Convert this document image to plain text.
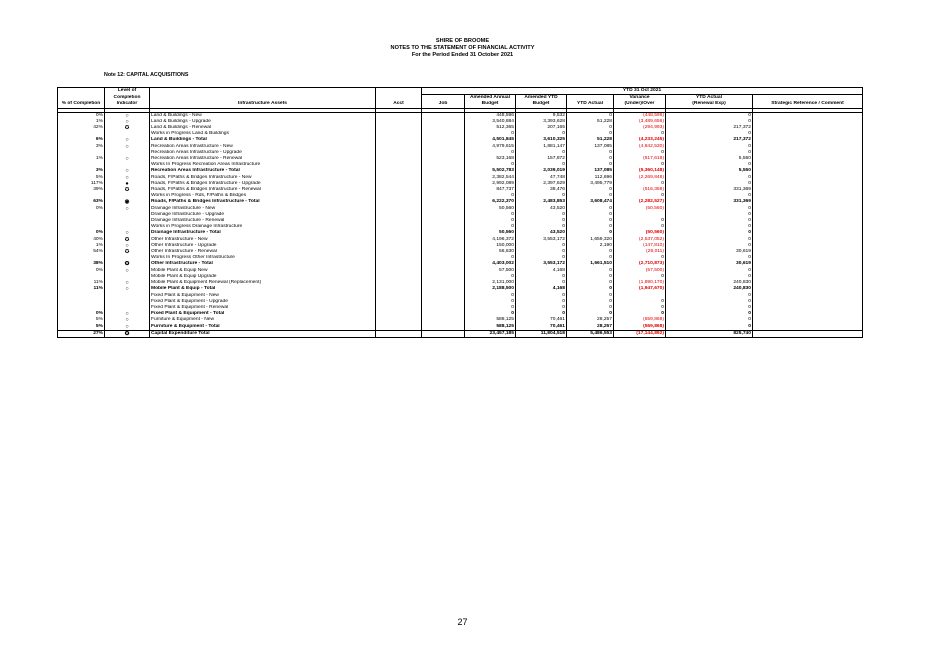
SHIRE OF BROOME
NOTES TO THE STATEMENT OF FINANCIAL ACTIVITY
For the Period Ended 31 October 2021
Note 12: CAPITAL ACQUISITIONS
	Level of			YTD 31 Oct 2021						
	Completion				Amended Annual	Amended YTD		Variance	YTD Actual	
% of Completion	Indicator	Infrastructure Assets	Acct	Job	Budget	Budget	YTD Actual	(Under)/Over	(Renewal Exp)	Strategic Reference / Comment

0%	○	Land & Buildings - New			448,596	9,532	0	(448,596)	0	
1%	○	Land & Buildings - Upgrade			3,540,884	3,393,628	51,228	(3,489,656)	0	
42%	✪	Land & Buildings - Renewal			512,365	207,165	0	(294,993)	217,372	
		Works in Progress Land & Buildings			0	0	0	0	0	
6%	○	Land & Buildings - Total			4,501,845	3,610,325	51,228	(4,233,245)	217,372	
3%	○	Recreation Areas Infrastructure - New			4,979,615	1,881,147	137,085	(4,842,530)	0	
		Recreation Areas Infrastructure - Upgrade			0	0	0	0	0	
1%	○	Recreation Areas Infrastructure - Renewal			523,168	157,872	0	(517,618)	5,550	
		Works In Progress Recreation Areas Infrastructure			0	0	0	0	0	
3%	○	Recreation Areas Infrastructure - Total			5,502,783	2,039,019	137,085	(5,360,148)	5,550	
5%	○	Roads, F/Paths & Bridges Infrastructure - New			2,382,544	47,748	112,696	(2,269,848)	0	
117%	●	Roads, F/Paths & Bridges Infrastructure - Upgrade			2,992,089	2,397,629	3,495,779	0	0	
39%	✪	Roads, F/Paths & Bridges Infrastructure - Renewal			847,737	38,476	0	(516,368)	331,369	
		Works in Progress - Rds, F/Paths & Bridges			0	0	0	0	0	
63%	◉	Roads, F/Paths & Bridges Infrastructure - Total			6,222,370	2,483,853	3,608,474	(2,282,527)	331,369	
0%	○	Drainage Infrastructure - New			50,560	43,520	0	(50,560)	0	
		Drainage Infrastructure - Upgrade			0	0	0		0	
		Drainage Infrastructure - Renewal			0	0	0	0	0	
		Works in Progress Drainage Infrastructure			0	0	0	0	0	
0%	○	Drainage Infrastructure - Total			50,560	43,520	0	(50,560)	0	
40%	✪	Other Infrastructure - New			4,196,372	3,553,172	1,659,320	(2,537,052)	0	
1%	○	Other Infrastructure - Upgrade			150,000	0	2,190	(147,810)	0	
54%	✪	Other Infrastructure - Renewal			56,630	0	0	(26,011)	30,619	
		Works In Progress Other Infrastructure			0	0	0	0	0	
38%	✪	Other Infrastructure - Total			4,403,002	3,553,172	1,661,510	(2,710,873)	30,619	
0%	○	Mobile Plant & Equip New			57,500	4,168	0	(57,500)	0	
		Mobile Plant & Equip Upgrade			0	0	0	0	0	
11%	○	Mobile Plant & Equipment Renewal (Replacement)			2,131,000	0	0	(1,890,170)	240,830	
11%	○	Mobile Plant & Equip - Total			2,188,500	4,168	0	(1,947,670)	240,830	
		Fixed Plant & Equipment - New			0	0	0		0	
		Fixed Plant & Equipment - Upgrade			0	0	0	0	0	
		Fixed Plant & Equipment - Renewal			0	0	0	0	0	
0%	○	Fixed Plant & Equipment - Total			0	0	0	0	0	
5%	○	Furniture & Equipment - New			588,125	70,461	28,257	(559,868)	0	
5%	○	Furniture & Equipment - Total			588,125	70,461	28,257	(559,868)	0	
27%	✪	Capital Expenditure Total			23,457,185	11,804,518	5,486,553	(17,144,892)	825,740	
27
